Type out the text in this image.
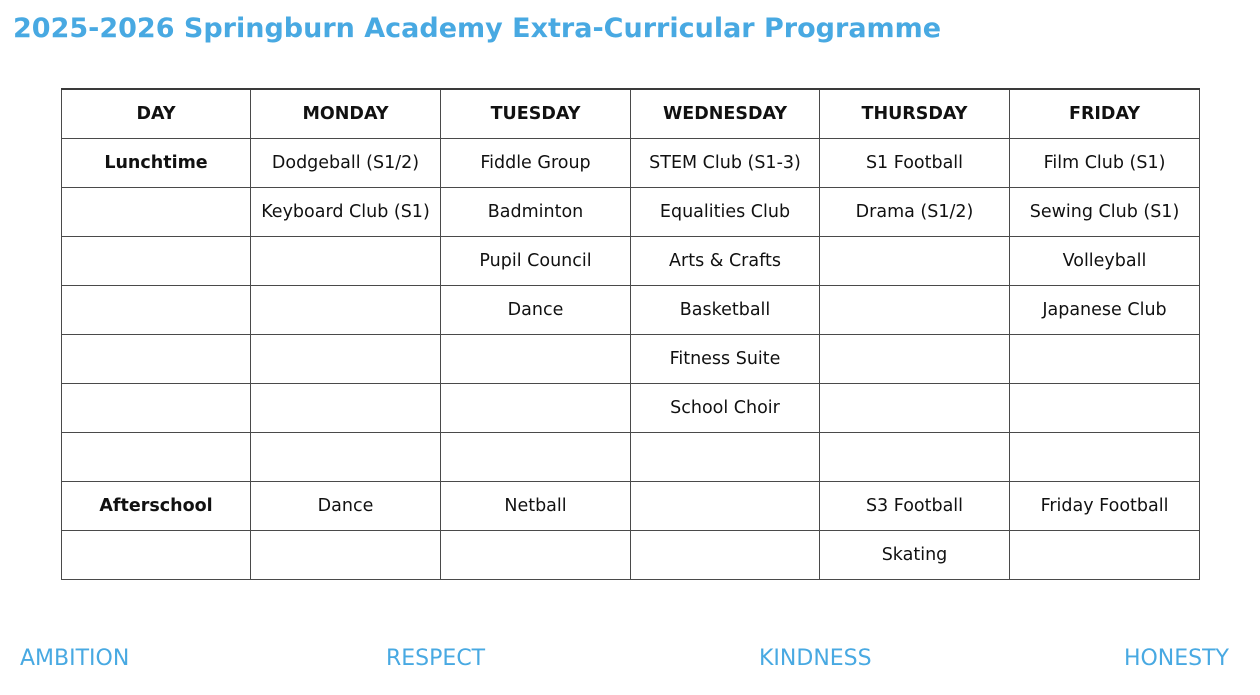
2025-2026 Springburn Academy Extra-Curricular Programme
DAY	MONDAY	TUESDAY	WEDNESDAY	THURSDAY	FRIDAY
Lunchtime	Dodgeball (S1/2)	Fiddle Group	STEM Club (S1-3)	S1 Football	Film Club (S1)
	Keyboard Club (S1)	Badminton	Equalities Club	Drama (S1/2)	Sewing Club (S1)
		Pupil Council	Arts & Crafts		Volleyball
		Dance	Basketball		Japanese Club
			Fitness Suite		
			School Choir		

Afterschool	Dance	Netball		S3 Football	Friday Football
				Skating	
AMBITION	RESPECT	KINDNESS	HONESTY
